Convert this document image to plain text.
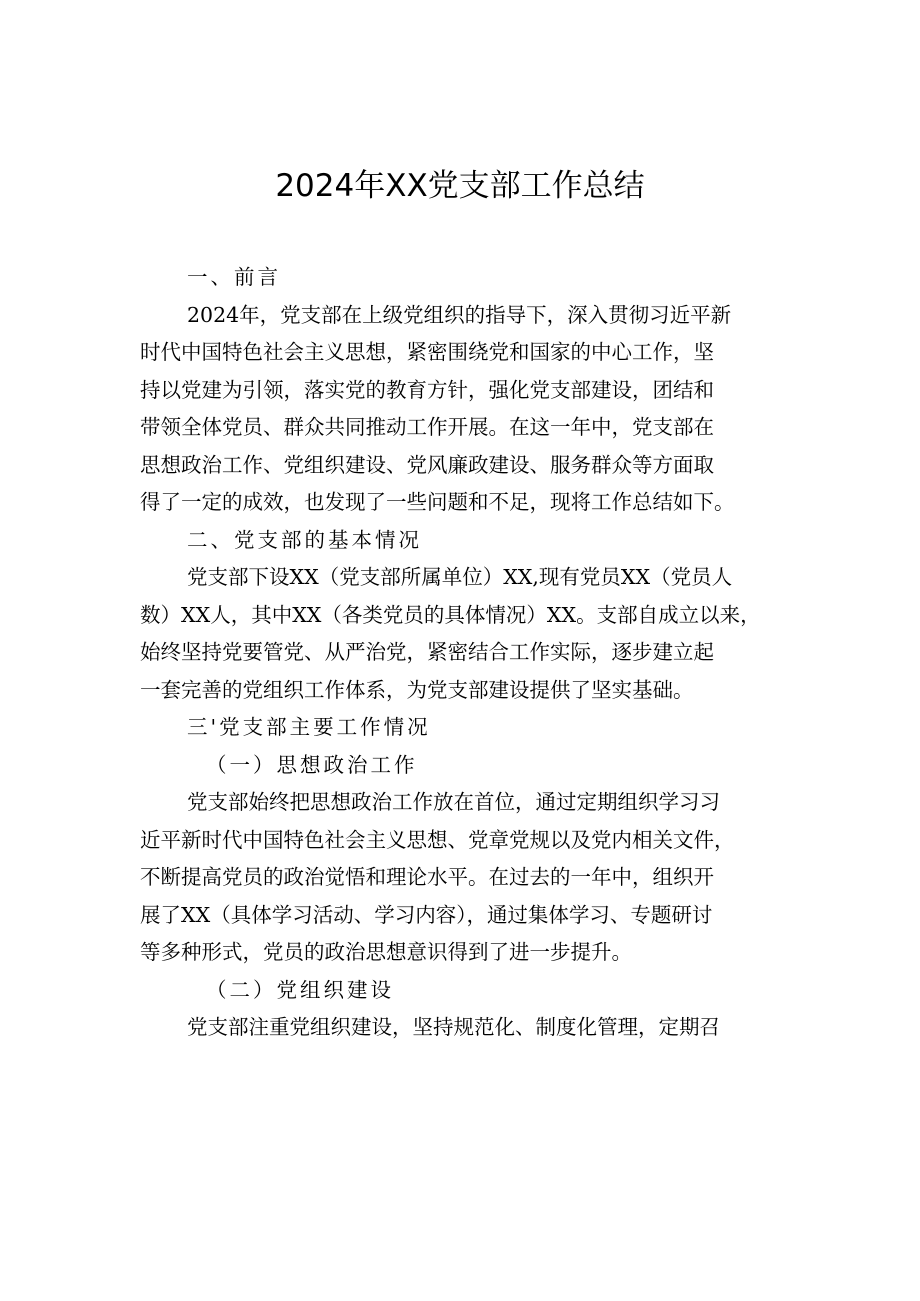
2024年XX党支部工作总结
一、前言
2024年，党支部在上级党组织的指导下，深入贯彻习近平新
时代中国特色社会主义思想，紧密围绕党和国家的中心工作，坚
持以党建为引领，落实党的教育方针，强化党支部建设，团结和
带领全体党员、群众共同推动工作开展。在这一年中，党支部在
思想政治工作、党组织建设、党风廉政建设、服务群众等方面取
得了一定的成效，也发现了一些问题和不足，现将工作总结如下。
二、党支部的基本情况
党支部下设XX（党支部所属单位）XX,现有党员XX（党员人
数）XX人，其中XX（各类党员的具体情况）XX。支部自成立以来，
始终坚持党要管党、从严治党，紧密结合工作实际，逐步建立起
一套完善的党组织工作体系，为党支部建设提供了坚实基础。
三'党支部主要工作情况
（一）思想政治工作
党支部始终把思想政治工作放在首位，通过定期组织学习习
近平新时代中国特色社会主义思想、党章党规以及党内相关文件，
不断提高党员的政治觉悟和理论水平。在过去的一年中，组织开
展了XX（具体学习活动、学习内容），通过集体学习、专题研讨
等多种形式，党员的政治思想意识得到了进一步提升。
（二）党组织建设
党支部注重党组织建设，坚持规范化、制度化管理，定期召
